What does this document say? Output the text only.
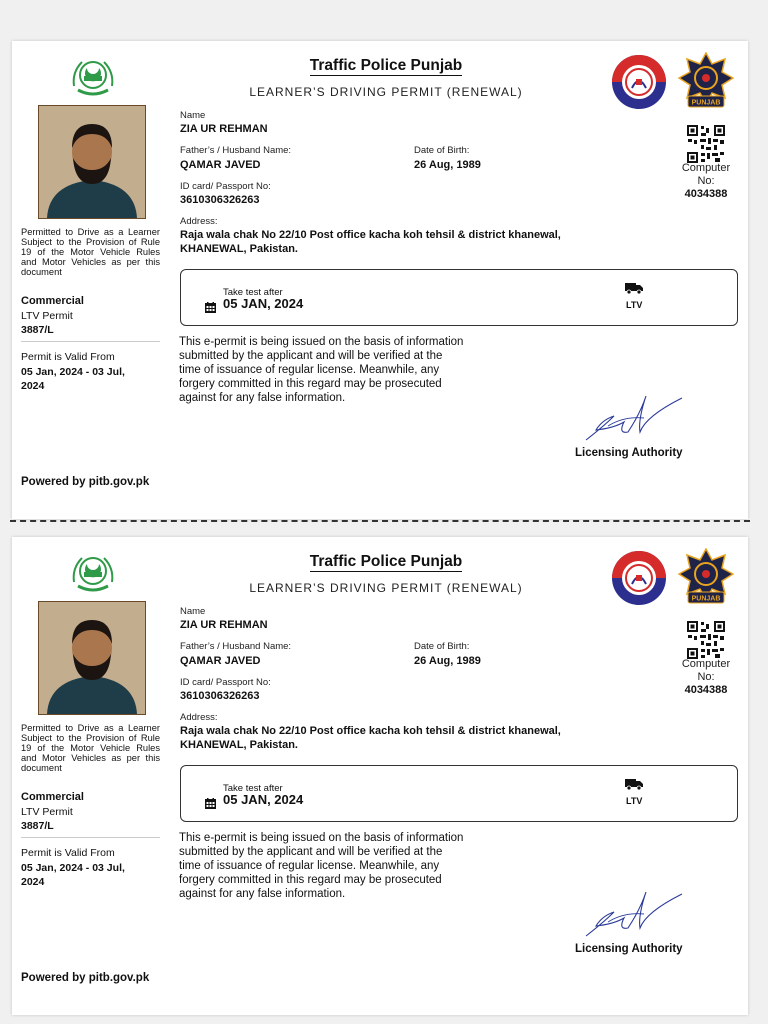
Permitted to Drive as a Learner Subject to the Provision of Rule 19 of the Motor Vehicle Rules and Motor Vehicles as per this document
Commercial
LTV Permit
3887/L
Permit is Valid From
05 Jan, 2024 - 03 Jul, 2024
Powered by pitb.gov.pk
Traffic Police Punjab
LEARNER’S DRIVING PERMIT (RENEWAL)
Name
ZIA UR REHMAN
Father’s / Husband Name:
QAMAR JAVED
Date of Birth:
26 Aug, 1989
ID card/ Passport No:
3610306326263
Address:
Raja wala chak No 22/10 Post office kacha koh tehsil & district khanewal,
KHANEWAL, Pakistan.
PUNJAB
Computer
No:
4034388
Take test after
05 JAN, 2024	LTV
This e-permit is being issued on the basis of information
submitted by the applicant and will be verified at the
time of issuance of regular license. Meanwhile, any
forgery committed in this regard may be prosecuted
against for any false information.
Licensing Authority
Permitted to Drive as a Learner Subject to the Provision of Rule 19 of the Motor Vehicle Rules and Motor Vehicles as per this document
Commercial
LTV Permit
3887/L
Permit is Valid From
05 Jan, 2024 - 03 Jul, 2024
Powered by pitb.gov.pk
Traffic Police Punjab
LEARNER’S DRIVING PERMIT (RENEWAL)
Name
ZIA UR REHMAN
Father’s / Husband Name:
QAMAR JAVED
Date of Birth:
26 Aug, 1989
ID card/ Passport No:
3610306326263
Address:
Raja wala chak No 22/10 Post office kacha koh tehsil & district khanewal,
KHANEWAL, Pakistan.
PUNJAB
Computer
No:
4034388
Take test after
05 JAN, 2024	LTV
This e-permit is being issued on the basis of information
submitted by the applicant and will be verified at the
time of issuance of regular license. Meanwhile, any
forgery committed in this regard may be prosecuted
against for any false information.
Licensing Authority
